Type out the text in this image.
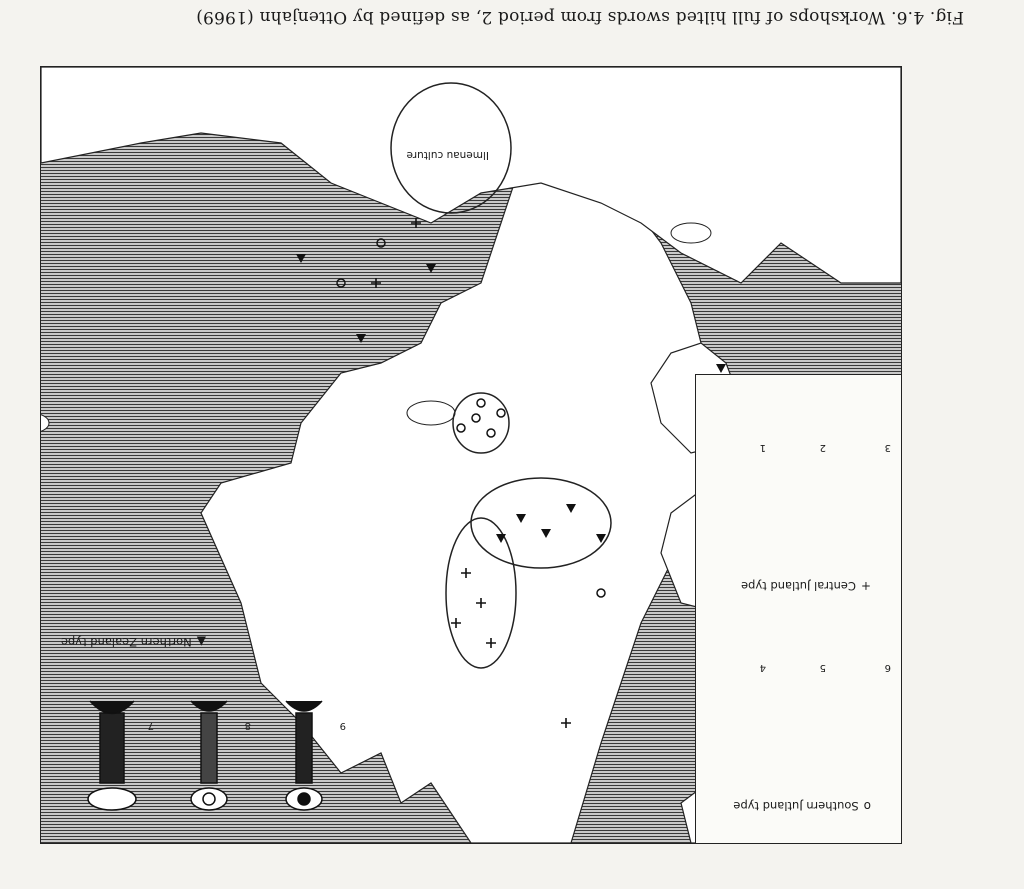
Fig. 4.6. Workshops of full hilted swords from period 2, as defined by Ottenjahn (1969)
Ilmenau culture
9
8
7
▲Northern Zealand type
oSouthern Jutland type
6
5
4
+Central Jutland type
3
2
1
